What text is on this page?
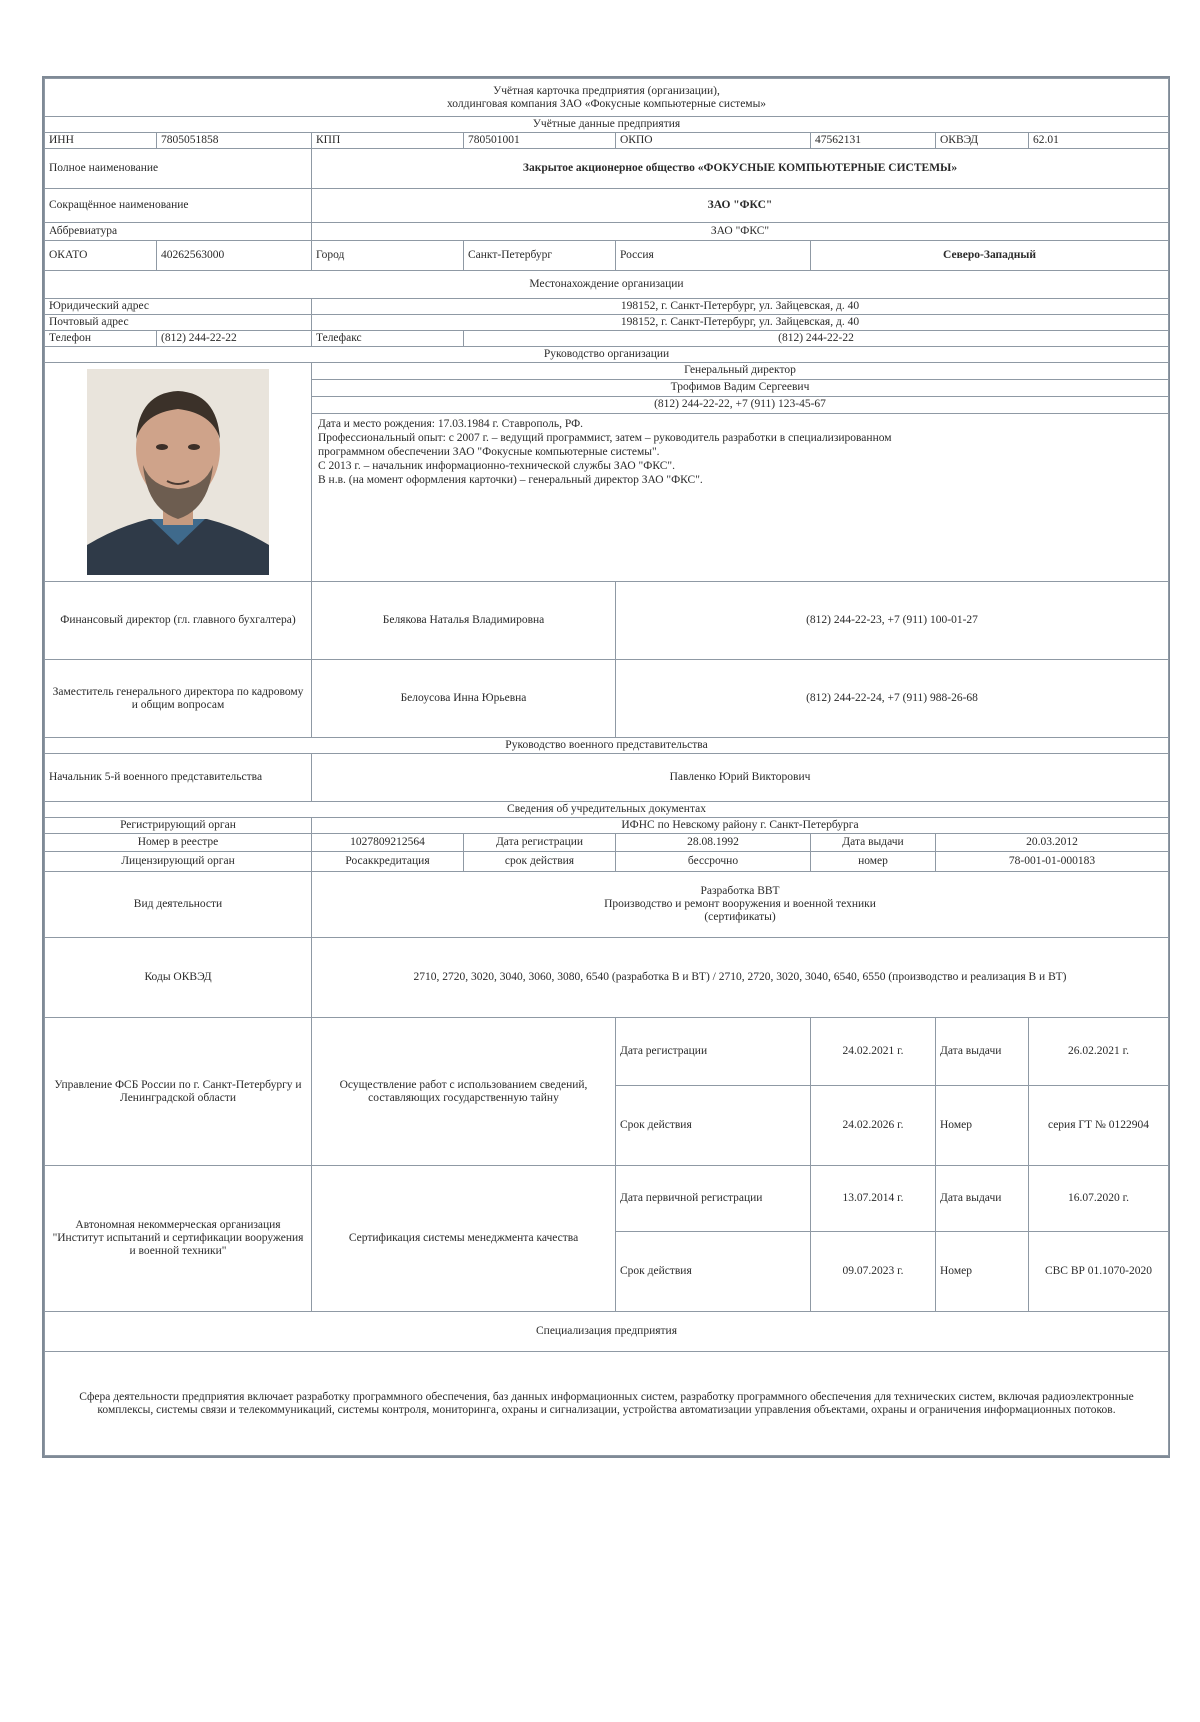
Учётная карточка предприятия (организации),
холдинговая компания ЗАО «Фокусные компьютерные системы»							

Учётные данные предприятия							
ИНН	7805051858	КПП	780501001	ОКПО	47562131	ОКВЭД	62.01
Полное наименование		Закрытое акционерное общество «ФОКУСНЫЕ КОМПЬЮТЕРНЫЕ СИСТЕМЫ»					
Сокращённое наименование		ЗАО "ФКС"					
Аббревиатура		ЗАО "ФКС"					
ОКАТО	40262563000	Город	Санкт-Петербург	Россия	Северо-Западный		
Местонахождение организации							
Юридический адрес		198152, г. Санкт-Петербург, ул. Зайцевская, д. 40					
Почтовый адрес		198152, г. Санкт-Петербург, ул. Зайцевская, д. 40					
Телефон	(812) 244-22-22	Телефакс	(812) 244-22-22				
Руководство организации							

	Генеральный директор					
		Трофимов Вадим Сергеевич					
		(812) 244-22-22, +7 (911) 123-45-67					

		Дата и место рождения: 17.03.1984 г. Ставрополь, РФ.
Профессиональный опыт: с 2007 г. – ведущий программист, затем – руководитель разработки в специализированном
программном обеспечении ЗАО "Фокусные компьютерные системы".
С 2013 г. – начальник информационно-технической службы ЗАО "ФКС".
В н.в. (на момент оформления карточки) – генеральный директор ЗАО "ФКС".					

Финансовый директор (гл. главного бухгалтера)		Белякова Наталья Владимировна		(812) 244-22-23, +7 (911) 100-01-27			
Заместитель генерального директора по кадровому и общим вопросам		Белоусова Инна Юрьевна		(812) 244-22-24, +7 (911) 988-26-68			
Руководство военного представительства							
Начальник 5-й военного представительства		Павленко Юрий Викторович					
Сведения об учредительных документах							
Регистрирующий орган		ИФНС по Невскому району г. Санкт-Петербурга					
Номер в реестре		1027809212564	Дата регистрации	28.08.1992	Дата выдачи	20.03.2012	
Лицензирующий орган		Росаккредитация	срок действия	бессрочно	номер	78-001-01-000183	
Вид деятельности		Разработка ВВТ
Производство и ремонт вооружения и военной техники
(сертификаты)					

Коды ОКВЭД		2710, 2720, 3020, 3040, 3060, 3080, 6540 (разработка В и ВТ) / 2710, 2720, 3020, 3040, 6540, 6550 (производство и реализация В и ВТ)					
Управление ФСБ России по г. Санкт-Петербургу и Ленинградской области		Осуществление работ с использованием сведений, составляющих государственную тайну		Дата регистрации	24.02.2021 г.	Дата выдачи	26.02.2021 г.
				Срок действия	24.02.2026 г.	Номер	серия ГТ № 0122904
Автономная некоммерческая организация "Институт испытаний и сертификации вооружения и военной техники"		Сертификация системы менеджмента качества		Дата первичной регистрации	13.07.2014 г.	Дата выдачи	16.07.2020 г.
				Срок действия	09.07.2023 г.	Номер	СВС ВР 01.1070-2020
Специализация предприятия							
Сфера деятельности предприятия включает разработку программного обеспечения, баз данных информационных систем, разработку программного обеспечения для технических систем, включая радиоэлектронные комплексы, системы связи и телекоммуникаций, системы контроля, мониторинга, охраны и сигнализации, устройства автоматизации управления объектами, охраны и ограничения информационных потоков.							
